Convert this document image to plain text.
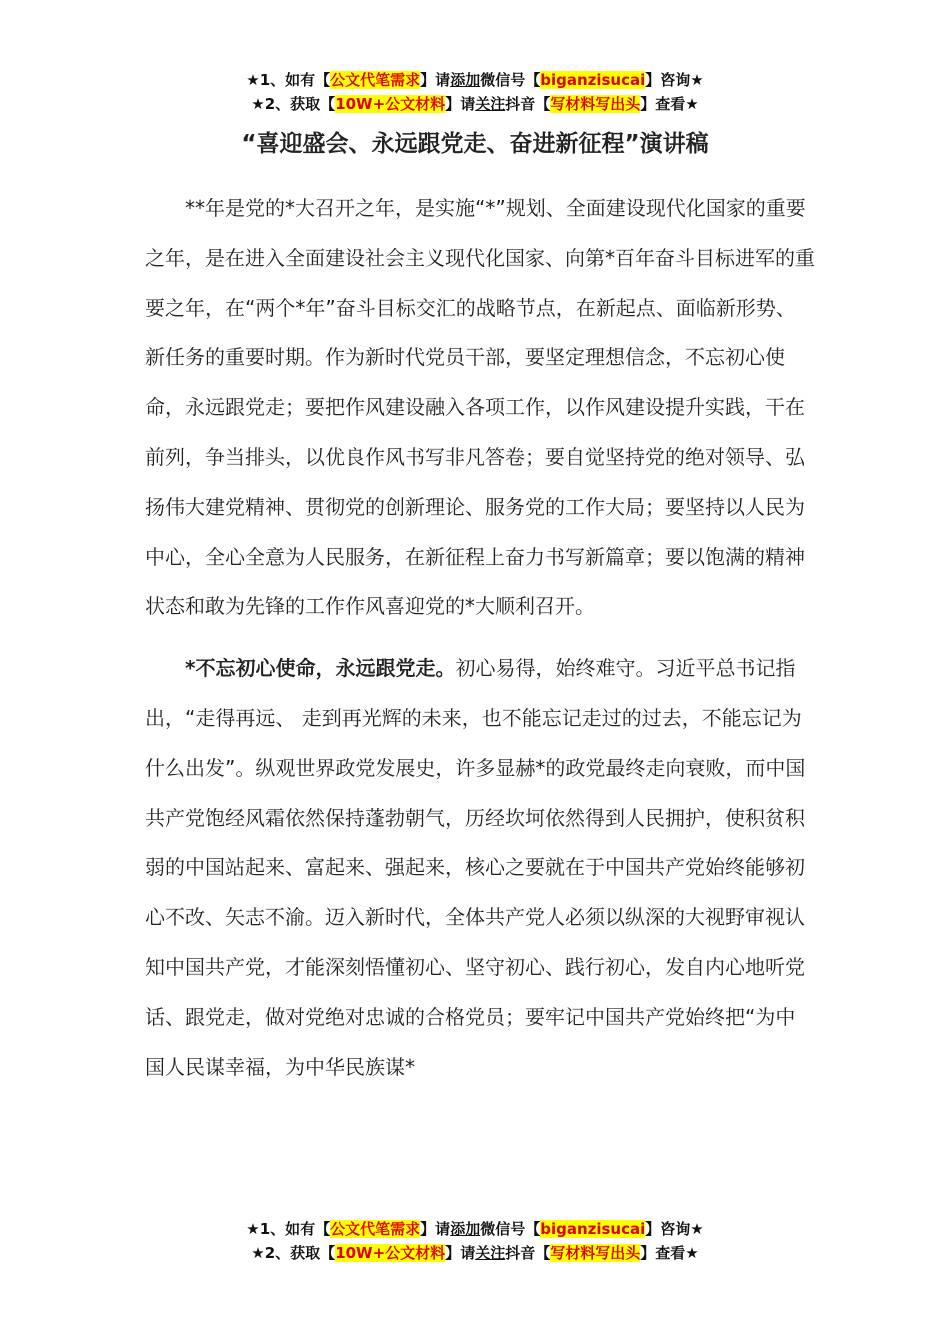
★1、如有【公文代笔需求】请添加微信号【biganzisucai】咨询★
★2、获取【10W+公文材料】请关注抖音【写材料写出头】查看★
“喜迎盛会、永远跟党走、奋进新征程”演讲稿

**年是党的*大召开之年，是实施“*”规划、全面建设现代化国家的重要之年，是在进入全面建设社会主义现代化国家、向第*百年奋斗目标进军的重要之年，在“两个*年”奋斗目标交汇的战略节点，在新起点、面临新形势、新任务的重要时期。作为新时代党员干部，要坚定理想信念，不忘初心使命，永远跟党走；要把作风建设融入各项工作，以作风建设提升实践，干在前列，争当排头，以优良作风书写非凡答卷；要自觉坚持党的绝对领导、弘扬伟大建党精神、贯彻党的创新理论、服务党的工作大局；要坚持以人民为中心，全心全意为人民服务，在新征程上奋力书写新篇章；要以饱满的精神状态和敢为先锋的工作作风喜迎党的*大顺利召开。

*不忘初心使命，永远跟党走。初心易得，始终难守。习近平总书记指出，“走得再远、 走到再光辉的未来，也不能忘记走过的过去，不能忘记为什么出发”。纵观世界政党发展史，许多显赫*的政党最终走向衰败，而中国共产党饱经风霜依然保持蓬勃朝气，历经坎坷依然得到人民拥护，使积贫积弱的中国站起来、富起来、强起来，核心之要就在于中国共产党始终能够初心不改、矢志不渝。迈入新时代，全体共产党人必须以纵深的大视野审视认知中国共产党，才能深刻悟懂初心、坚守初心、践行初心，发自内心地听党话、跟党走，做对党绝对忠诚的合格党员；要牢记中国共产党始终把“为中国人民谋幸福，为中华民族谋*

★1、如有【公文代笔需求】请添加微信号【biganzisucai】咨询★
★2、获取【10W+公文材料】请关注抖音【写材料写出头】查看★
